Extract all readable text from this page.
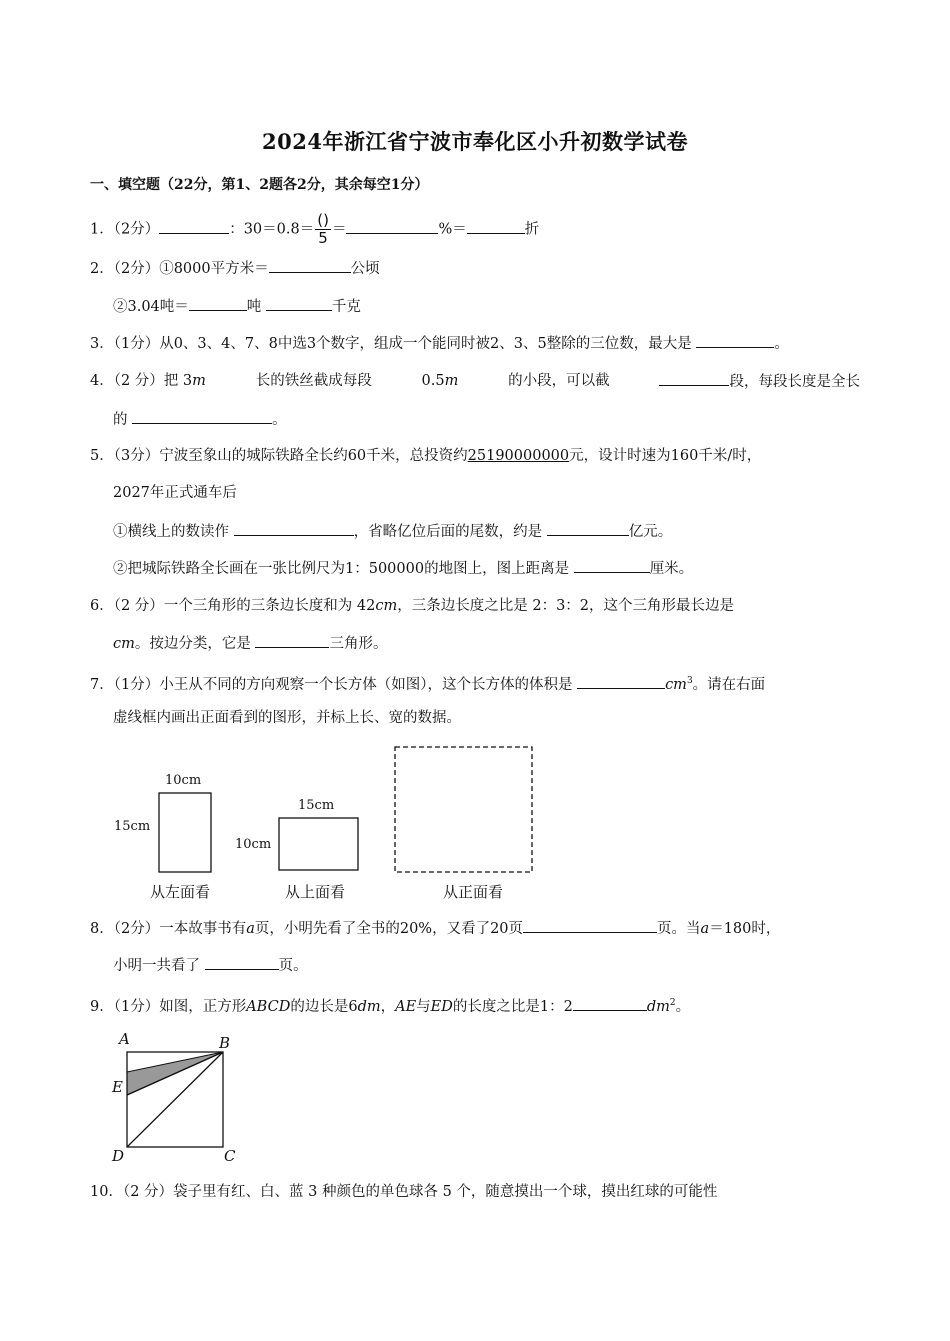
2024年浙江省宁波市奉化区小升初数学试卷
一、填空题（22分，第1、2题各2分，其余每空1分）
1．（2分）	：$30=0.8= \frac{()}{5}$ ＝	%＝	折
2．（2分）①8000平方米＝	公顷
②3.04吨＝	吨	千克
3．（1分）从0、3、4、7、8中选3个数字，组成一个能同时被2、3、5整除的三位数，最大是	。
4．（2 分）把 3m	长的铁丝截成每段	0.5m	的小段，可以截	段，每段长度是全长
的	。
5．（3分）宁波至象山的城际铁路全长约60千米，总投资约25190000000元，设计时速为160千米/时，
2027年正式通车后
①横线上的数读作	，省略亿位后面的尾数，约是	亿元。
②把城际铁路全长画在一张比例尺为1：500000的地图上，图上距离是	厘米。
6．（2 分）一个三角形的三条边长度和为 42cm，三条边长度之比是 2：3：2，这个三角形最长边是
cm。按边分类，它是	三角形。
7．（1分）小王从不同的方向观察一个长方体（如图），这个长方体的体积是	$cm^3$。请在右面
虚线框内画出正面看到的图形，并标上长、宽的数据。
10cm
15cm
从左面看
15cm
10cm
从上面看	从正面看
8．（2分）一本故事书有a页，小明先看了全书的20%，又看了20页	页。当a＝180时，
小明一共看了	页。
9．（1分）如图，正方形ABCD的边长是6dm，AE与ED的长度之比是1：2	$dm^2$。
A	B
C
D
E
10．（2 分）袋子里有红、白、蓝 3 种颜色的单色球各 5 个，随意摸出一个球，摸出红球的可能性
